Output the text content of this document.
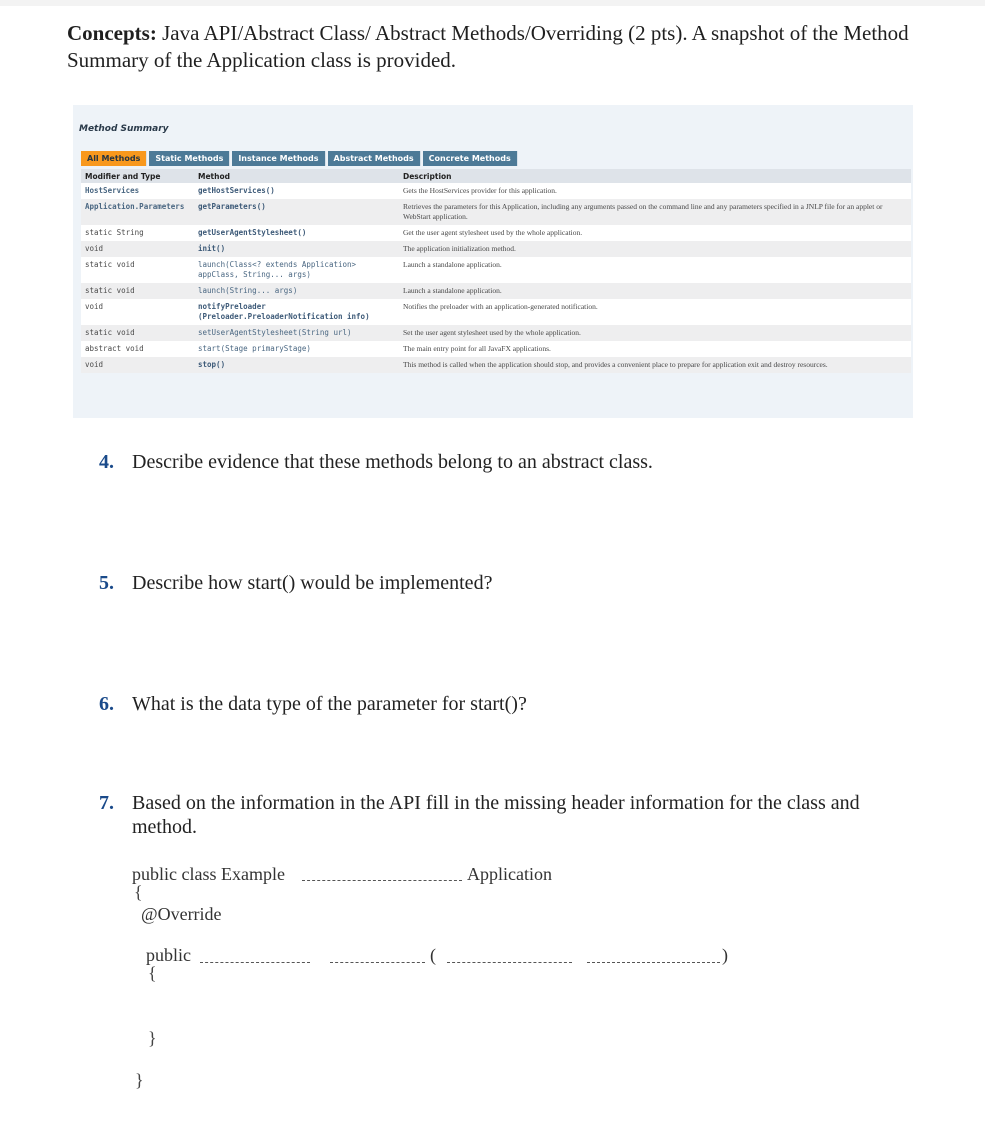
Concepts: Java API/Abstract Class/ Abstract Methods/Overriding (2 pts). A snapshot of the Method Summary of the Application class is provided.
Method Summary
All Methods	Static Methods	Instance Methods	Abstract Methods	Concrete Methods
Modifier and Type	Method	Description
HostServices	getHostServices()	Gets the HostServices provider for this application.
Application.Parameters	getParameters()	Retrieves the parameters for this Application, including any arguments passed on the command line and any parameters specified in a JNLP file for an applet or WebStart application.
static String	getUserAgentStylesheet()	Get the user agent stylesheet used by the whole application.
void	init()	The application initialization method.
static void	launch(Class<? extends Application> appClass, String... args)	Launch a standalone application.
static void	launch(String... args)	Launch a standalone application.
void	notifyPreloader (Preloader.PreloaderNotification info)	Notifies the preloader with an application-generated notification.
static void	setUserAgentStylesheet(String url)	Set the user agent stylesheet used by the whole application.
abstract void	start(Stage primaryStage)	The main entry point for all JavaFX applications.
void	stop()	This method is called when the application should stop, and provides a convenient place to prepare for application exit and destroy resources.
4. Describe evidence that these methods belong to an abstract class.
5. Describe how start() would be implemented?
6. What is the data type of the parameter for start()?
7. Based on the information in the API fill in the missing header information for the class and method.
public class Example	Application
{
@Override
public	(	)
{
}
}
